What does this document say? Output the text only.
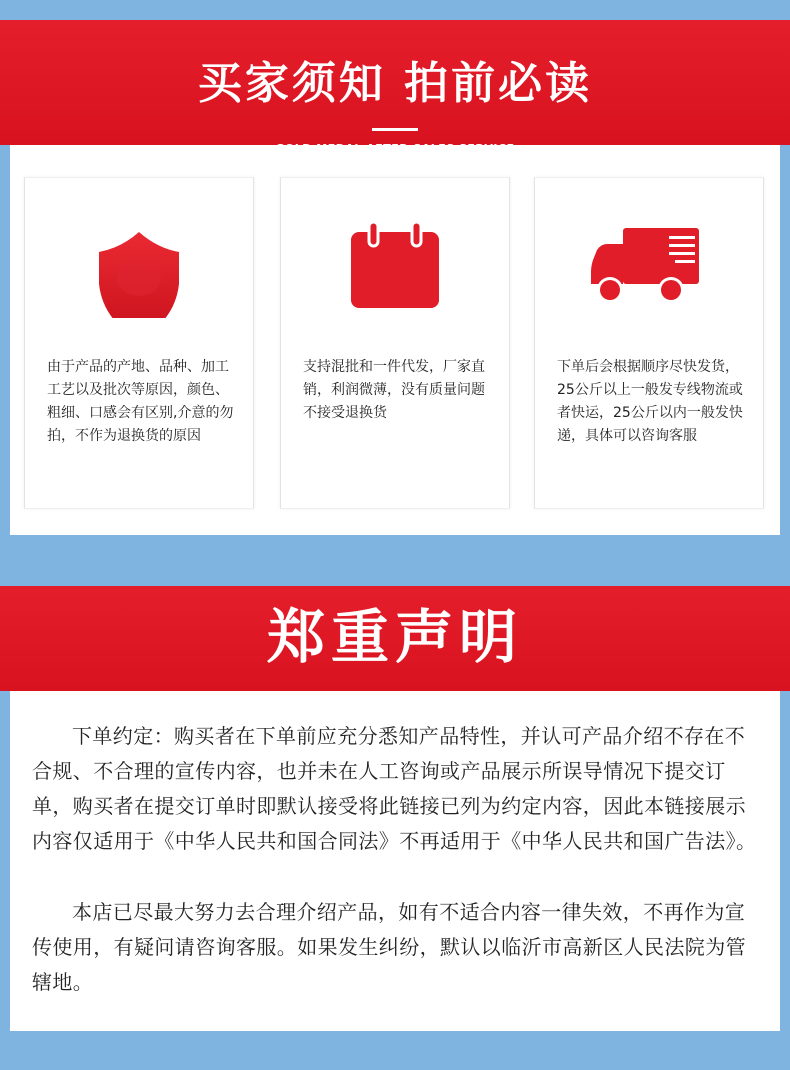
买家须知 拍前必读
由于产品的产地、品种、加工工艺以及批次等原因，颜色、粗细、口感会有区别,介意的勿拍，不作为退换货的原因
支持混批和一件代发，厂家直销，利润微薄，没有质量问题不接受退换货
下单后会根据顺序尽快发货，25公斤以上一般发专线物流或者快运，25公斤以内一般发快递，具体可以咨询客服
郑重声明

下单约定：购买者在下单前应充分悉知产品特性，并认可产品介绍不存在不合规、不合理的宣传内容，也并未在人工咨询或产品展示所误导情况下提交订单，购买者在提交订单时即默认接受将此链接已列为约定内容，因此本链接展示内容仅适用于《中华人民共和国合同法》不再适用于《中华人民共和国广告法》。

本店已尽最大努力去合理介绍产品，如有不适合内容一律失效，不再作为宣传使用，有疑问请咨询客服。如果发生纠纷，默认以临沂市高新区人民法院为管辖地。
